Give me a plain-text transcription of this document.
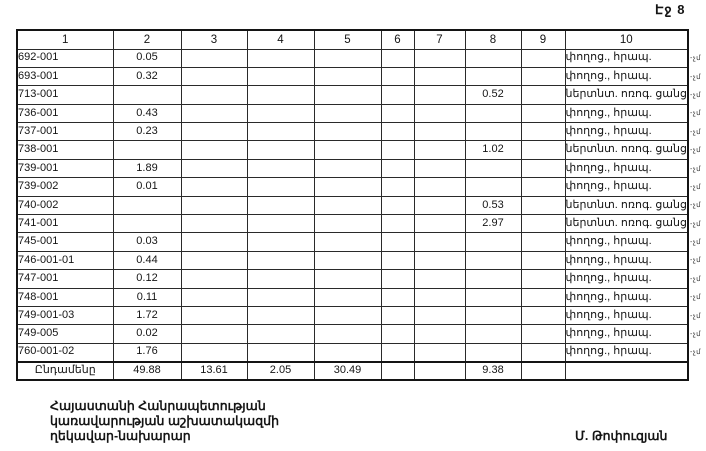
Էջ 8
1	2	3	4	5	6	7	8	9	10
692-001	0.05								փողոց., հրապ.
693-001	0.32								փողոց., հրապ.
713-001							0.52		ներտնտ. ոռոգ. ցանց
736-001	0.43								փողոց., հրապ.
737-001	0.23								փողոց., հրապ.
738-001							1.02		ներտնտ. ոռոգ. ցանց
739-001	1.89								փողոց., հրապ.
739-002	0.01								փողոց., հրապ.
740-002							0.53		ներտնտ. ոռոգ. ցանց
741-001							2.97		ներտնտ. ոռոգ. ցանց
745-001	0.03								փողոց., հրապ.
746-001-01	0.44								փողոց., հրապ.
747-001	0.12								փողոց., հրապ.
748-001	0.11								փողոց., հրապ.
749-001-03	1.72								փողոց., հրապ.
749-005	0.02								փողոց., հրապ.
760-001-02	1.76								փողոց., հրապ.
Ընդամենը	49.88	13.61	2.05	30.49			9.38		
-չմ
-չմ
-չմ
-չմ
-չմ
-չմ
-չմ
-չմ
-չմ
-չմ
-չմ
-չմ
-չմ
-չմ
-չմ
-չմ
-չմ
Հայաստանի Հանրապետության
կառավարության աշխատակազմի
ղեկավար-նախարար	Մ. Թոփուզյան
